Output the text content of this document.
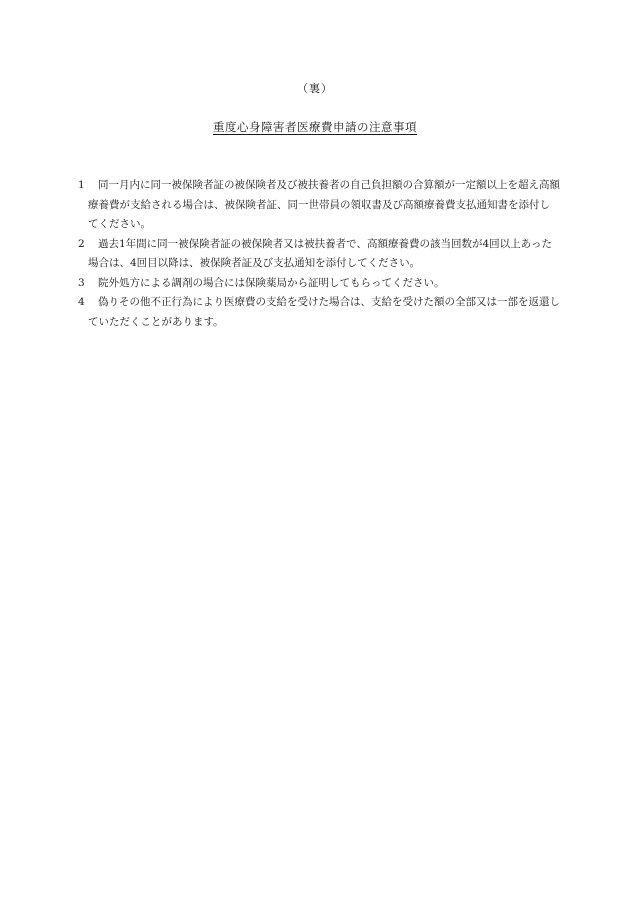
（裏）
重度心身障害者医療費申請の注意事項
1	同一月内に同一被保険者証の被保険者及び被扶養者の自己負担額の合算額が一定額以上を超え高額療養費が支給される場合は、被保険者証、同一世帯員の領収書及び高額療養費支払通知書を添付してください。
2	過去1年間に同一被保険者証の被保険者又は被扶養者で、高額療養費の該当回数が4回以上あった場合は、4回目以降は、被保険者証及び支払通知を添付してください。
3	院外処方による調剤の場合には保険薬局から証明してもらってください。
4	偽りその他不正行為により医療費の支給を受けた場合は、支給を受けた額の全部又は一部を返還していただくことがあります。
